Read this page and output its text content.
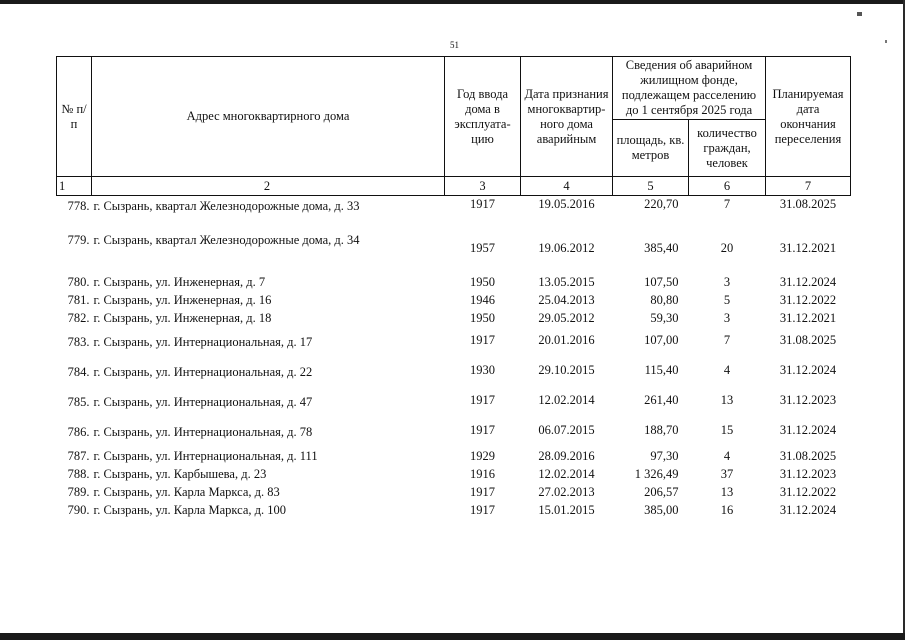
51
№ п/п	Адрес многоквартирного дома	Год ввода дома в эксплуата-цию	Дата признания многоквартир-ного дома аварийным	Сведения об аварийном жилищном фонде, подлежащем расселению до 1 сентября 2025 года		Планируемая дата окончания переселения
				площадь, кв. метров	количество граждан, человек	
1	2	3	4	5	6	7
778.	г. Сызрань, квартал Железнодорожные дома, д. 33	1917	19.05.2016	220,70	7	31.08.2025
779.	г. Сызрань, квартал Железнодорожные дома, д. 34	1957	19.06.2012	385,40	20	31.12.2021
780.	г. Сызрань, ул. Инженерная, д. 7	1950	13.05.2015	107,50	3	31.12.2024
781.	г. Сызрань, ул. Инженерная, д. 16	1946	25.04.2013	80,80	5	31.12.2022
782.	г. Сызрань, ул. Инженерная, д. 18	1950	29.05.2012	59,30	3	31.12.2021
783.	г. Сызрань, ул. Интернациональная, д. 17	1917	20.01.2016	107,00	7	31.08.2025
784.	г. Сызрань, ул. Интернациональная, д. 22	1930	29.10.2015	115,40	4	31.12.2024
785.	г. Сызрань, ул. Интернациональная, д. 47	1917	12.02.2014	261,40	13	31.12.2023
786.	г. Сызрань, ул. Интернациональная, д. 78	1917	06.07.2015	188,70	15	31.12.2024
787.	г. Сызрань, ул. Интернациональная, д. 111	1929	28.09.2016	97,30	4	31.08.2025
788.	г. Сызрань, ул. Карбышева, д. 23	1916	12.02.2014	1 326,49	37	31.12.2023
789.	г. Сызрань, ул. Карла Маркса, д. 83	1917	27.02.2013	206,57	13	31.12.2022
790.	г. Сызрань, ул. Карла Маркса, д. 100	1917	15.01.2015	385,00	16	31.12.2024
